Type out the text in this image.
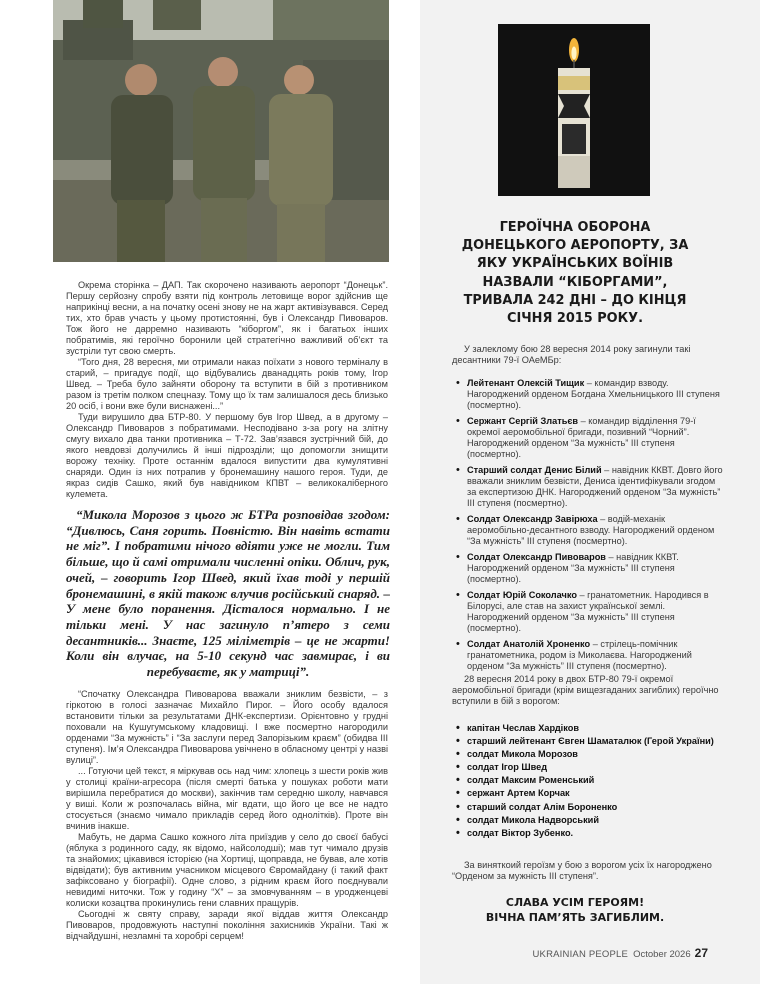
Окрема сторінка – ДАП. Так скорочено називають аеропорт “Донецьк”. Першу серйозну спробу взяти під контроль летовище ворог здійснив ще наприкінці весни, а на початку осені знову не на жарт активізувався. Серед тих, хто брав участь у цьому протистоянні, був і Олександр Пивоваров. Тож його не дарремно називають “кіборгом”, як і багатьох інших побратимів, які героїчно боронили цей стратегічно важливий об’єкт та зустріли тут свою смерть.

“Того дня, 28 вересня, ми отримали наказ поїхати з нового терміналу в старий, – пригадує події, що відбувались дванадцять років тому, Ігор Швед. – Треба було зайняти оборону та вступити в бій з противником разом із третім полком спецназу. Тому що їх там залишалося десь близько 20 осіб, і вони вже були виснажені...”

Туди вирушило два БТР-80. У першому був Ігор Швед, а в другому – Олександр Пивоваров з побратимами. Несподівано з-за рогу на злітну смугу вихало два танки противника – Т-72. Зав’язався зустрічний бій, до якого невдовзі долучились й інші підрозділи; що допомогли знищити ворожу техніку. Проте останнім вдалося випустити два кумулятивні снаряди. Один із них потрапив у бронемашину нашого героя. Туди, де якраз сидів Сашко, який був навідником КПВТ – великокаліберного кулемета.

“Микола Морозов з цього ж БТРа розповідав згодом: “Дивлюсь, Саня горить. Повністю. Він навіть встати не міг”. І побратими нічого вдіяти уже не могли. Тим більше, що й самі отримали численні опіки. Облич, рук, очей, – говорить Ігор Швед, який їхав тоді у першій бронемашині, в якій також влучив російський снаряд. – У мене було поранення. Дісталося нормально. І не тільки мені. У нас загинуло п’ятеро з семи десантників... Знаєте, 125 міліметрів – це не жарти! Коли він влучає, на 5-10 секунд час завмирає, і ви перебуваєте, як у матриці”.

“Спочатку Олександра Пивоварова вважали зниклим безвісти, – з гіркотою в голосі зазначає Михайло Пирог. – Його особу вдалося встановити тільки за результатами ДНК-експертизи. Орієнтовно у грудні поховали на Кушугумському кладовищі. І вже посмертно нагородили орденами “За мужність” і “За заслуги перед Запорізьким краєм” (обидва III ступеня). Ім’я Олександра Пивоварова увічнено в обласному центрі у назві вулиці”.

... Готуючи цей текст, я міркував ось над чим: хлопець з шести років жив у столиці країни-агресора (після смерті батька у пошуках роботи мати вирішила перебратися до москви), закінчив там середню школу, навчався у виші. Коли ж розпочалась війна, міг вдати, що його це все не надто стосується (знаємо чимало прикладів серед його однолітків). Проте він вчинив інакше.

Мабуть, не дарма Сашко кожного літа приїздив у село до своєї бабусі (яблука з родинного саду, як відомо, найсолодші); мав тут чимало друзів та знайомих; цікавився історією (на Хортиці, щоправда, не бував, але хотів відвідати); був активним учасником місцевого Євромайдану (і такий факт зафіксовано у біографії). Одне слово, з рідним краєм його поєднували невидимі ниточки. Тож у годину “Х” – за змовчуванням – в уродженцеві колиски козацтва прокинулись гени славних пращурів.

Сьогодні ж святу справу, заради якої віддав життя Олександр Пивоваров, продовжують наступні покоління захисників України. Такі ж відчайдушні, незламні та хоробрі серцем!

ГЕРОЇЧНА ОБОРОНА ДОНЕЦЬКОГО АЕРОПОРТУ, ЗА ЯКУ УКРАЇНСЬКИХ ВОЇНІВ НАЗВАЛИ “КІБОРГАМИ”, ТРИВАЛА 242 ДНІ – ДО КІНЦЯ СІЧНЯ 2015 РОКУ.

У залеклому бою 28 вересня 2014 року загинули такі десантники 79-ї ОАеМБр:

• Лейтенант Олексій Тищик – командир взводу. Нагороджений орденом Богдана Хмельницького III ступеня (посмертно).
• Сержант Сергій Златьєв – командир відділення 79-ї окремої аеромобільної бригади, позивний “Чорний”. Нагороджений орденом “За мужність” III ступеня (посмертно).
• Старший солдат Денис Білий – навідник ККВТ. Довго його вважали зниклим безвісти, Дениса ідентифікували згодом за експертизою ДНК. Нагороджений орденом “За мужність” III ступеня (посмертно).
• Солдат Олександр Завірюха – водій-механік аеромобільно-десантного взводу. Нагороджений орденом “За мужність” III ступеня (посмертно).
• Солдат Олександр Пивоваров – навідник ККВТ. Нагороджений орденом “За мужність” III ступеня (посмертно).
• Солдат Юрій Соколачко – гранатометник. Народився в Білорусі, але став на захист української землі. Нагороджений орденом “За мужність” III ступеня (посмертно).
• Солдат Анатолій Хроненко – стрілець-помічник гранатометника, родом із Миколаєва. Нагороджений орденом “За мужність” III ступеня (посмертно).

28 вересня 2014 року в двох БТР-80 79-ї окремої аеромобільної бригади (крім вищезгаданих загиблих) героїчно вступили в бій з ворогом:

• капітан Чеслав Хардіков
• старший лейтенант Євген Шаматалюк (Герой України)
• солдат Микола Морозов
• солдат Ігор Швед
• солдат Максим Роменський
• сержант Артем Корчак
• старший солдат Алім Бороненко
• солдат Микола Надворський
• солдат Віктор Зубенко.

За виняткоий героїзм у бою з ворогом усіх їх нагороджено “Орденом за мужність III ступеня”.

СЛАВА УСІМ ГЕРОЯМ!
ВІЧНА ПАМ’ЯТЬ ЗАГИБЛИМ.
UKRAINIAN PEOPLE October 2026 27
